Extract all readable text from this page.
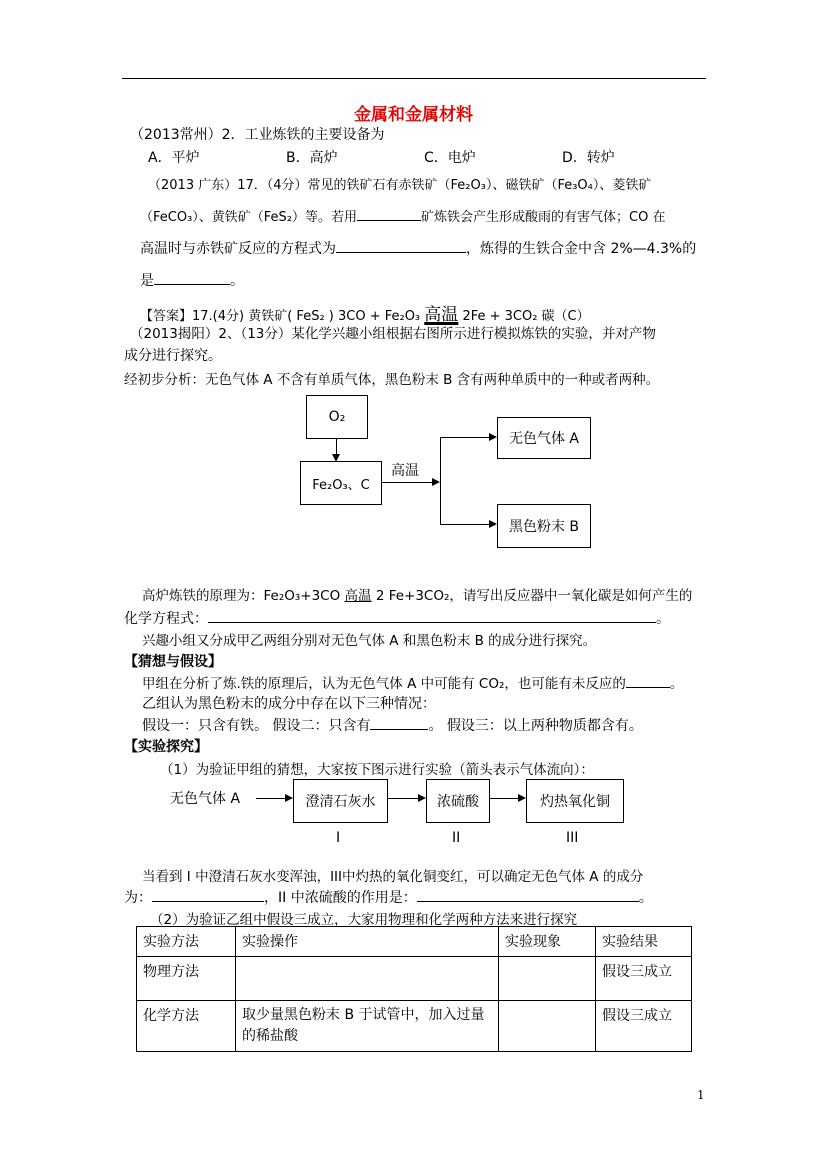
金属和金属材料
（2013常州）2．工业炼铁的主要设备为
A．平炉	B．高炉	C．电炉	D．转炉
（2013 广东）17．（4分）常见的铁矿石有赤铁矿（Fe₂O₃）、磁铁矿（Fe₃O₄）、菱铁矿
（FeCO₃）、黄铁矿（FeS₂）等。若用	矿炼铁会产生形成酸雨的有害气体；CO 在
高温时与赤铁矿反应的方程式为	，炼得的生铁合金中含 2%—4.3%的
是	。
【答案】17.(4分) 黄铁矿( FeS₂ ) 3CO + Fe₂O₃ 高温 2Fe + 3CO₂ 碳（C）
（2013揭阳）2、（13分）某化学兴趣小组根据右图所示进行模拟炼铁的实验，并对产物
成分进行探究。
经初步分析：无色气体 A 不含有单质气体，黑色粉末 B 含有两种单质中的一种或者两种。
O₂
Fe₂O₃、C
高温
无色气体 A
黑色粉末 B
高炉炼铁的原理为：Fe₂O₃+3CO 高温 2 Fe+3CO₂，请写出反应器中一氧化碳是如何产生的
化学方程式：	。
兴趣小组又分成甲乙两组分别对无色气体 A 和黑色粉末 B 的成分进行探究。
【猜想与假设】
甲组在分析了炼.铁的原理后，认为无色气体 A 中可能有 CO₂，也可能有未反应的	。
乙组认为黑色粉末的成分中存在以下三种情况：
假设一：只含有铁。 假设二：只含有	。 假设三：以上两种物质都含有。
【实验探究】
（1）为验证甲组的猜想，大家按下图示进行实验（箭头表示气体流向）：
无色气体 A	澄清石灰水	浓硫酸	灼热氧化铜
I	II	III
当看到 I 中澄清石灰水变浑浊，III中灼热的氧化铜变红，可以确定无色气体 A 的成分
为：	，II 中浓硫酸的作用是：	。
（2）为验证乙组中假设三成立，大家用物理和化学两种方法来进行探究
实验方法	实验操作	实验现象	实验结果
物理方法			假设三成立
化学方法	取少量黑色粉末 B 于试管中，加入过量的稀盐酸		假设三成立
1
